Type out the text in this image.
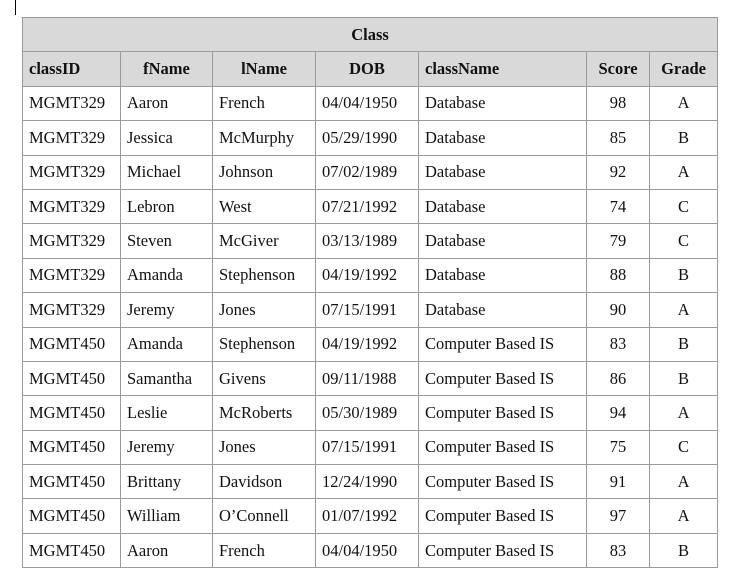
Class						
classID	fName	lName	DOB	className	Score	Grade
MGMT329	Aaron	French	04/04/1950	Database	98	A
MGMT329	Jessica	McMurphy	05/29/1990	Database	85	B
MGMT329	Michael	Johnson	07/02/1989	Database	92	A
MGMT329	Lebron	West	07/21/1992	Database	74	C
MGMT329	Steven	McGiver	03/13/1989	Database	79	C
MGMT329	Amanda	Stephenson	04/19/1992	Database	88	B
MGMT329	Jeremy	Jones	07/15/1991	Database	90	A
MGMT450	Amanda	Stephenson	04/19/1992	Computer Based IS	83	B
MGMT450	Samantha	Givens	09/11/1988	Computer Based IS	86	B
MGMT450	Leslie	McRoberts	05/30/1989	Computer Based IS	94	A
MGMT450	Jeremy	Jones	07/15/1991	Computer Based IS	75	C
MGMT450	Brittany	Davidson	12/24/1990	Computer Based IS	91	A
MGMT450	William	O’Connell	01/07/1992	Computer Based IS	97	A
MGMT450	Aaron	French	04/04/1950	Computer Based IS	83	B
